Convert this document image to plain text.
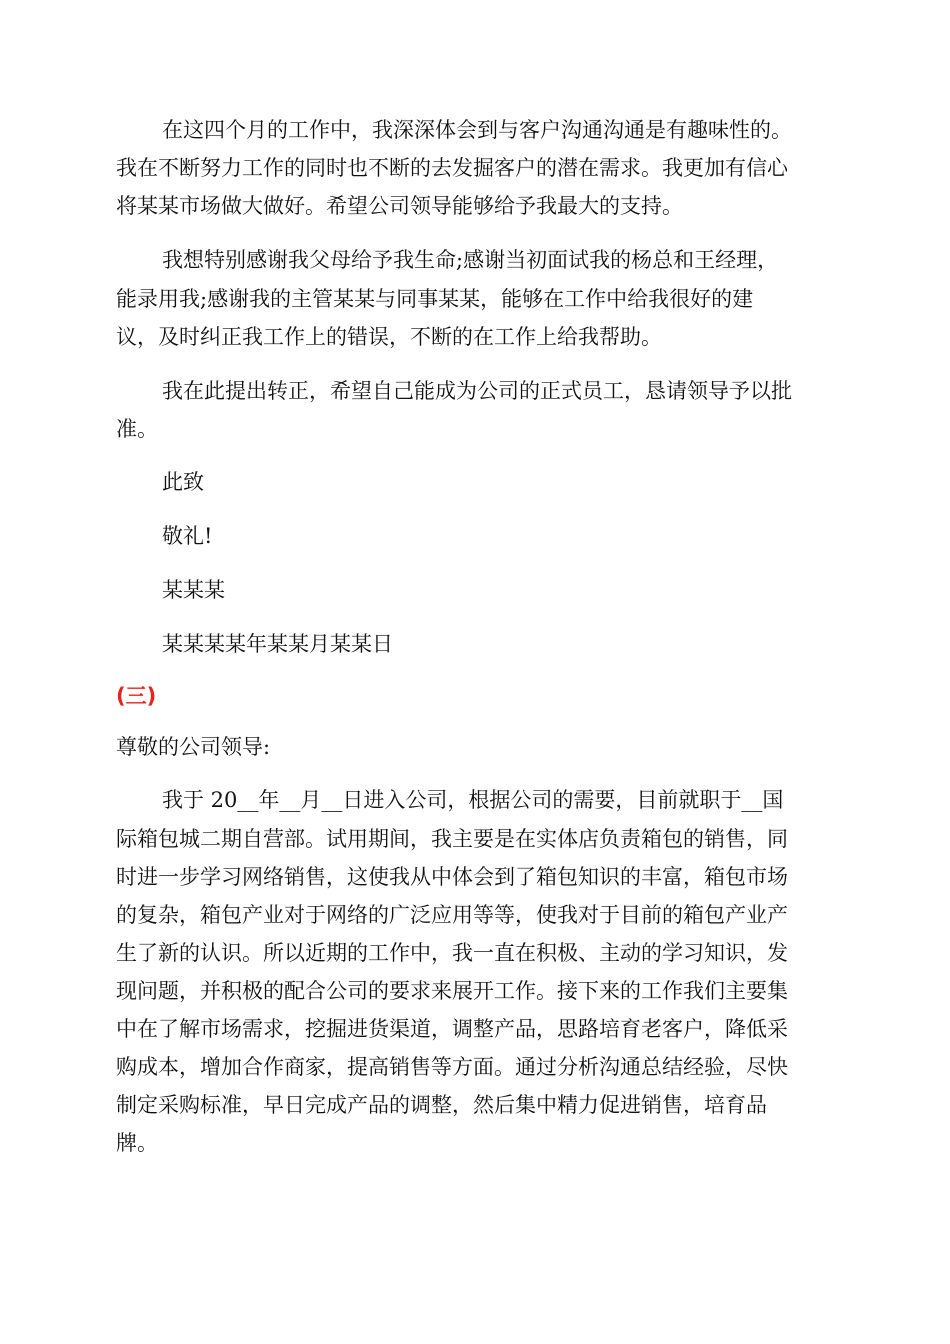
在这四个月的工作中，我深深体会到与客户沟通沟通是有趣味性的。
我在不断努力工作的同时也不断的去发掘客户的潜在需求。我更加有信心
将某某市场做大做好。希望公司领导能够给予我最大的支持。
我想特别感谢我父母给予我生命;感谢当初面试我的杨总和王经理，
能录用我;感谢我的主管某某与同事某某，能够在工作中给我很好的建
议，及时纠正我工作上的错误，不断的在工作上给我帮助。
我在此提出转正，希望自己能成为公司的正式员工，恳请领导予以批
准。
此致
敬礼!
某某某
某某某某年某某月某某日
(三)
尊敬的公司领导:
我于 20__年__月__日进入公司，根据公司的需要，目前就职于__国
际箱包城二期自营部。试用期间，我主要是在实体店负责箱包的销售，同
时进一步学习网络销售，这使我从中体会到了箱包知识的丰富，箱包市场
的复杂，箱包产业对于网络的广泛应用等等，使我对于目前的箱包产业产
生了新的认识。所以近期的工作中，我一直在积极、主动的学习知识，发
现问题，并积极的配合公司的要求来展开工作。接下来的工作我们主要集
中在了解市场需求，挖掘进货渠道，调整产品，思路培育老客户，降低采
购成本，增加合作商家，提高销售等方面。通过分析沟通总结经验，尽快
制定采购标准，早日完成产品的调整，然后集中精力促进销售，培育品
牌。
